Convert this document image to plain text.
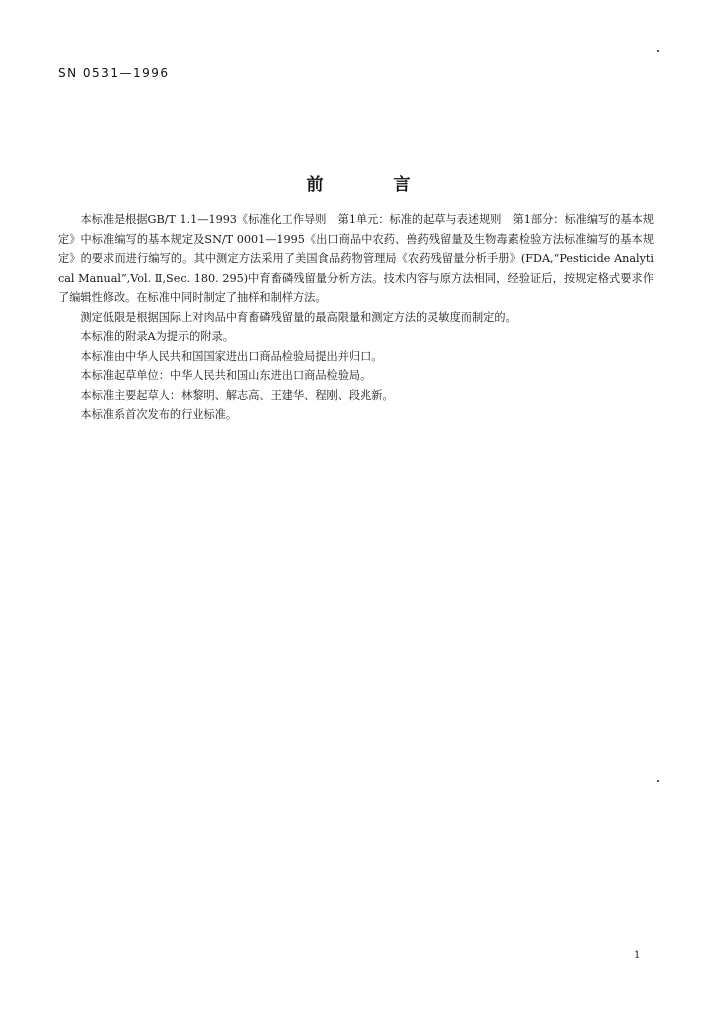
SN 0531—1996
前	言

本标准是根据GB/T 1.1—1993《标准化工作导则　第1单元：标准的起草与表述规则　第1部分：标准编写的基本规定》中标准编写的基本规定及SN/T 0001—1995《出口商品中农药、兽药残留量及生物毒素检验方法标准编写的基本规定》的要求而进行编写的。其中测定方法采用了美国食品药物管理局《农药残留量分析手册》(FDA,“Pesticide Analytical Manual”,Vol. Ⅱ,Sec. 180. 295)中育畜磷残留量分析方法。技术内容与原方法相同，经验证后，按规定格式要求作了编辑性修改。在标准中同时制定了抽样和制样方法。

测定低限是根据国际上对肉品中育畜磷残留量的最高限量和测定方法的灵敏度而制定的。

本标准的附录A为提示的附录。

本标准由中华人民共和国国家进出口商品检验局提出并归口。

本标准起草单位：中华人民共和国山东进出口商品检验局。

本标准主要起草人：林黎明、解志高、王建华、程刚、段兆新。

本标准系首次发布的行业标准。

1
